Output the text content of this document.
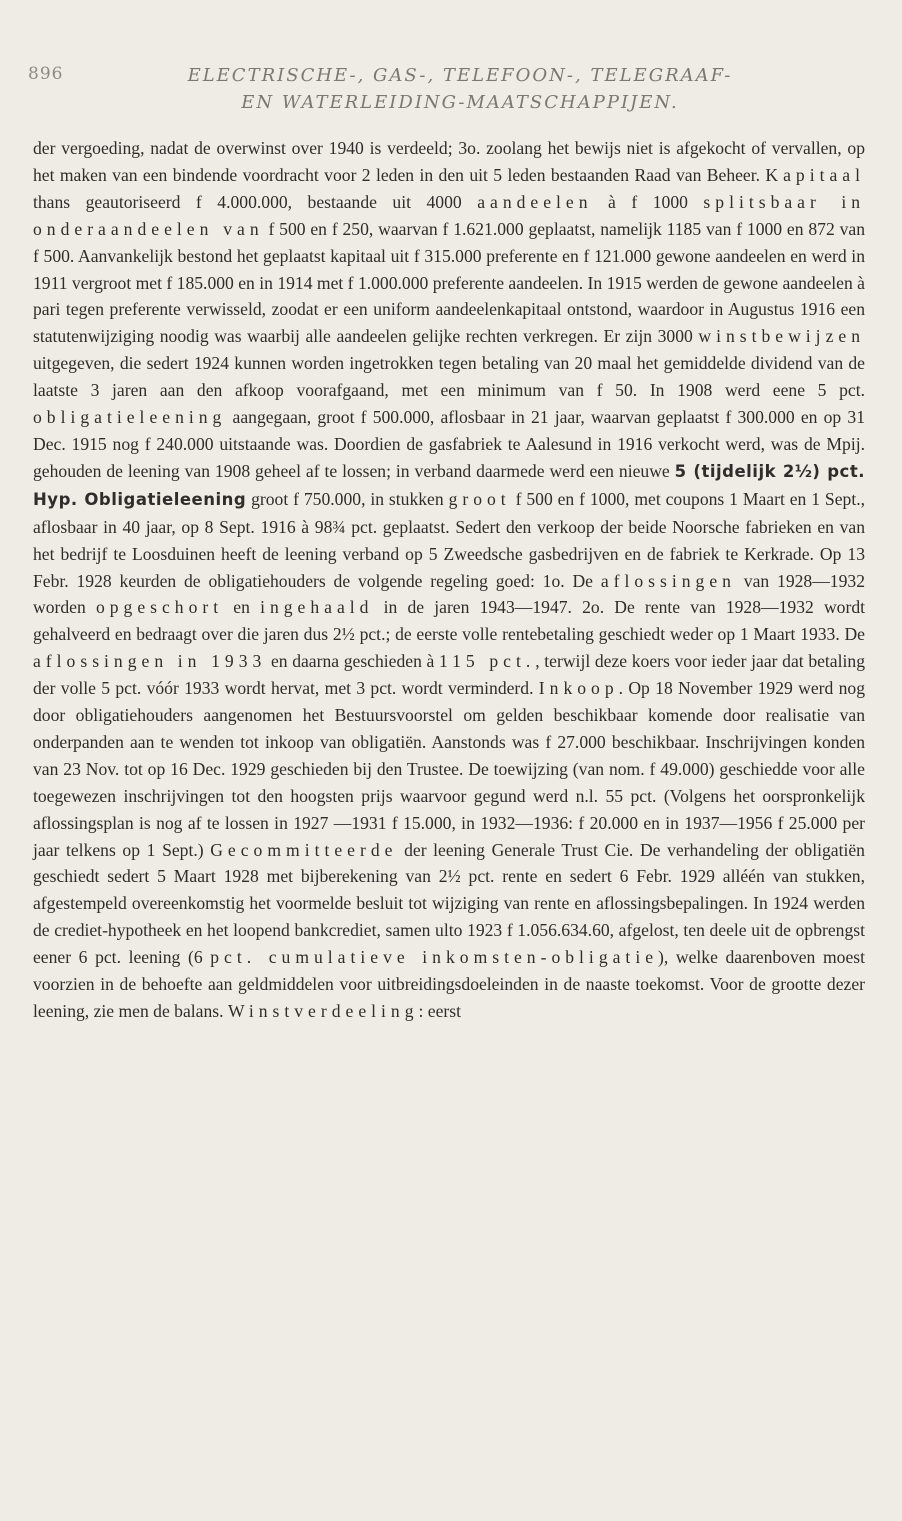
896	ELECTRISCHE-, GAS-, TELEFOON-, TELEGRAAF-
EN WATERLEIDING-MAATSCHAPPIJEN.

der vergoeding, nadat de overwinst over 1940 is verdeeld; 3o. zoolang het bewijs niet is afgekocht of vervallen, op het maken van een bindende voordracht voor 2 leden in den uit 5 leden bestaanden Raad van Beheer. Kapitaal thans geautoriseerd f 4.000.000, bestaande uit 4000 aandeelen à f 1000 splitsbaar in onderaandeelen van f 500 en f 250, waarvan f 1.621.000 geplaatst, namelijk 1185 van f 1000 en 872 van f 500. Aanvankelijk bestond het geplaatst kapitaal uit f 315.000 preferente en f 121.000 gewone aandeelen en werd in 1911 vergroot met f 185.000 en in 1914 met f 1.000.000 preferente aandeelen. In 1915 werden de gewone aandeelen à pari tegen preferente verwisseld, zoodat er een uniform aandeelenkapitaal ontstond, waardoor in Augustus 1916 een statutenwijziging noodig was waarbij alle aandeelen gelijke rechten verkregen. Er zijn 3000 winstbewijzen uitgegeven, die sedert 1924 kunnen worden ingetrokken tegen betaling van 20 maal het gemiddelde dividend van de laatste 3 jaren aan den afkoop voorafgaand, met een minimum van f 50. In 1908 werd eene 5 pct. obligatieleening aangegaan, groot f 500.000, aflosbaar in 21 jaar, waarvan geplaatst f 300.000 en op 31 Dec. 1915 nog f 240.000 uitstaande was. Doordien de gasfabriek te Aalesund in 1916 verkocht werd, was de Mpij. gehouden de leening van 1908 geheel af te lossen; in verband daarmede werd een nieuwe 5 (tijdelijk 2½) pct. Hyp. Obligatieleening groot f 750.000, in stukken groot f 500 en f 1000, met coupons 1 Maart en 1 Sept., aflosbaar in 40 jaar, op 8 Sept. 1916 à 98¾ pct. geplaatst. Sedert den verkoop der beide Noorsche fabrieken en van het bedrijf te Loosduinen heeft de leening verband op 5 Zweedsche gasbedrijven en de fabriek te Kerkrade. Op 13 Febr. 1928 keurden de obligatiehouders de volgende regeling goed: 1o. De aflossingen van 1928—1932 worden opgeschort en ingehaald in de jaren 1943—1947. 2o. De rente van 1928—1932 wordt gehalveerd en bedraagt over die jaren dus 2½ pct.; de eerste volle rentebetaling geschiedt weder op 1 Maart 1933. De aflossingen in 1933 en daarna geschieden à 115 pct., terwijl deze koers voor ieder jaar dat betaling der volle 5 pct. vóór 1933 wordt hervat, met 3 pct. wordt verminderd. Inkoop. Op 18 November 1929 werd nog door obligatiehouders aangenomen het Bestuursvoorstel om gelden beschikbaar komende door realisatie van onderpanden aan te wenden tot inkoop van obligatiën. Aanstonds was f 27.000 beschikbaar. Inschrijvingen konden van 23 Nov. tot op 16 Dec. 1929 geschieden bij den Trustee. De toewijzing (van nom. f 49.000) geschiedde voor alle toegewezen inschrijvingen tot den hoogsten prijs waarvoor gegund werd n.l. 55 pct. (Volgens het oorspronkelijk aflossingsplan is nog af te lossen in 1927 —1931 f 15.000, in 1932—1936: f 20.000 en in 1937—1956 f 25.000 per jaar telkens op 1 Sept.) Gecommitteerde der leening Generale Trust Cie. De verhandeling der obligatiën geschiedt sedert 5 Maart 1928 met bijberekening van 2½ pct. rente en sedert 6 Febr. 1929 alléén van stukken, afgestempeld overeenkomstig het voormelde besluit tot wijziging van rente en aflossingsbepalingen. In 1924 werden de crediet-hypotheek en het loopend bankcrediet, samen ulto 1923 f 1.056.634.60, afgelost, ten deele uit de opbrengst eener 6 pct. leening (6 pct. cumulatieve inkomsten-obligatie), welke daarenboven moest voorzien in de behoefte aan geldmiddelen voor uitbreidingsdoeleinden in de naaste toekomst. Voor de grootte dezer leening, zie men de balans. Winstverdeeling: eerst
